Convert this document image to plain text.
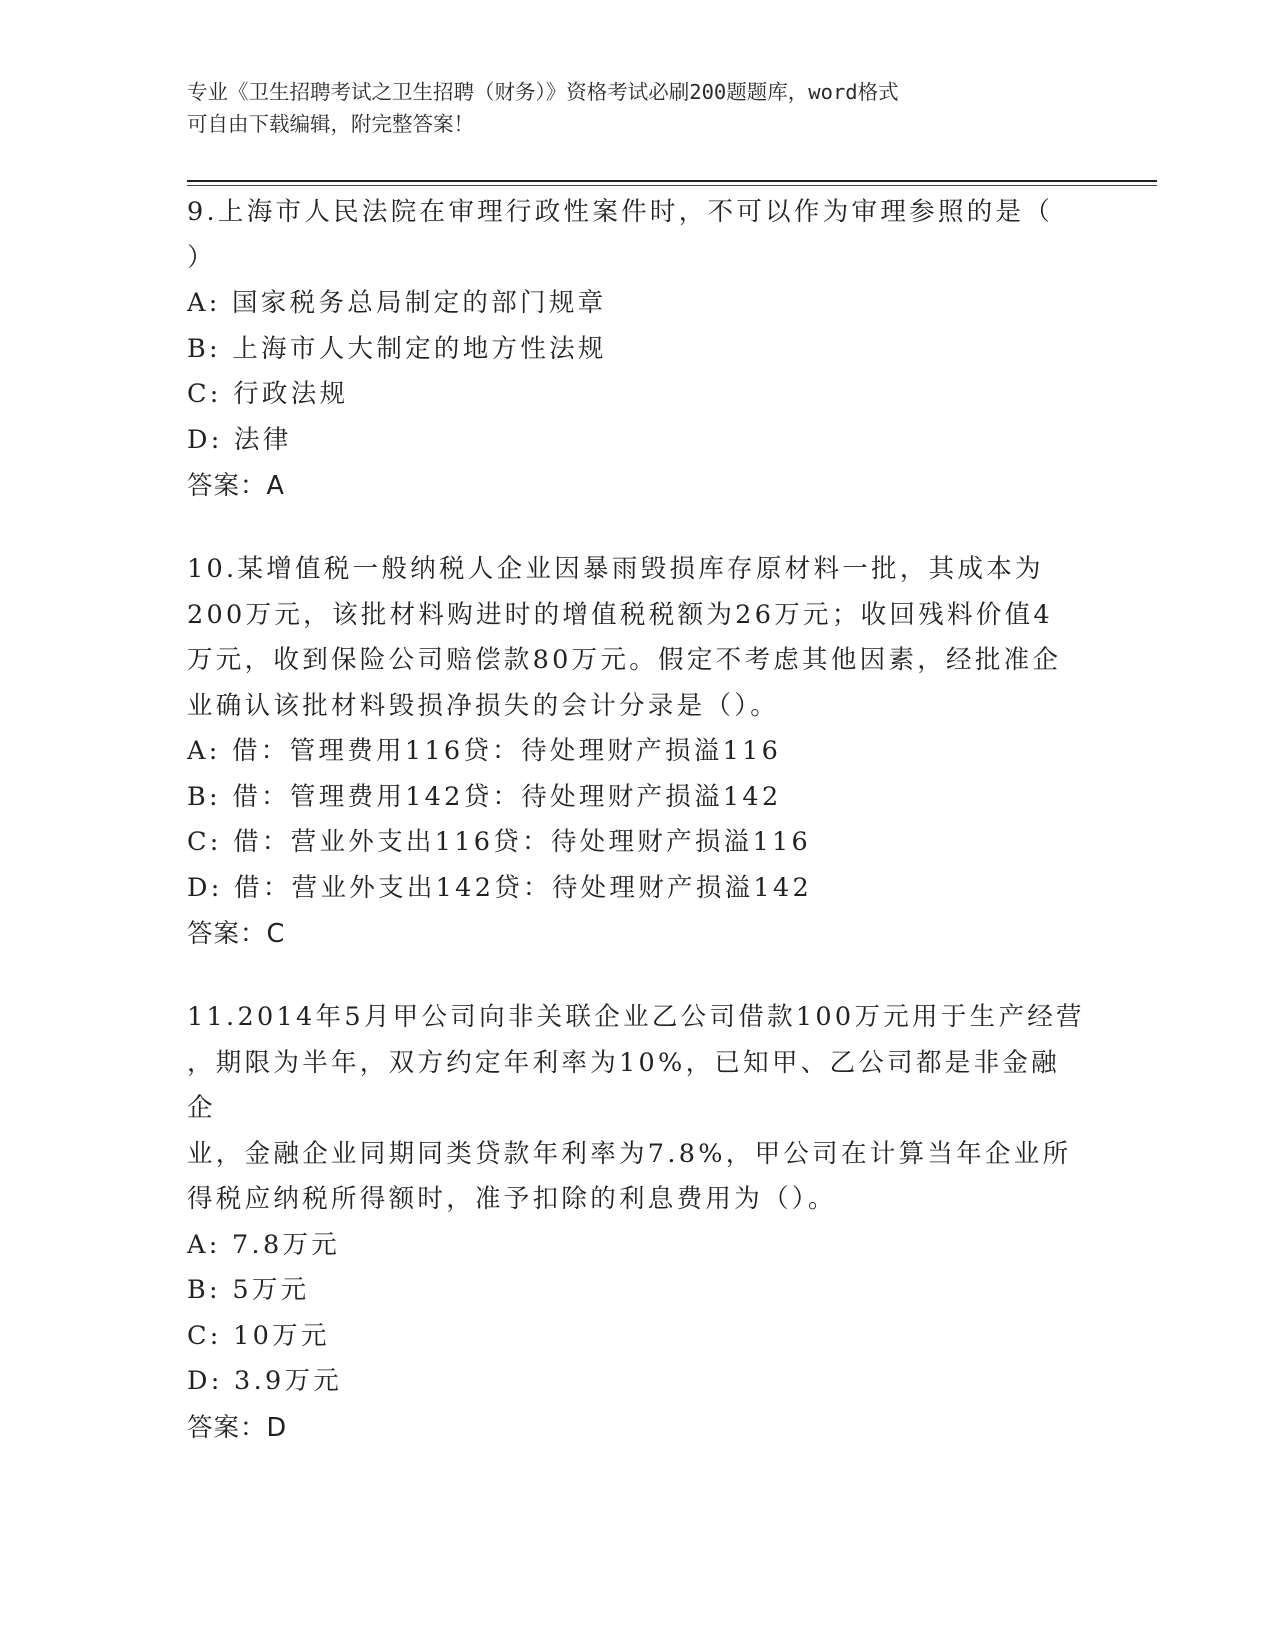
专业《卫生招聘考试之卫生招聘（财务）》资格考试必刷200题题库，word格式
可自由下载编辑，附完整答案！

9.上海市人民法院在审理行政性案件时，不可以作为审理参照的是（

）

A: 国家税务总局制定的部门规章

B: 上海市人大制定的地方性法规

C: 行政法规

D: 法律

答案：A

10.某增值税一般纳税人企业因暴雨毁损库存原材料一批，其成本为

200万元，该批材料购进时的增值税税额为26万元；收回残料价值4

万元，收到保险公司赔偿款80万元。假定不考虑其他因素，经批准企

业确认该批材料毁损净损失的会计分录是（）。

A: 借：管理费用116贷：待处理财产损溢116

B: 借：管理费用142贷：待处理财产损溢142

C: 借：营业外支出116贷：待处理财产损溢116

D: 借：营业外支出142贷：待处理财产损溢142

答案：C

11.2014年5月甲公司向非关联企业乙公司借款100万元用于生产经营

，期限为半年，双方约定年利率为10%，已知甲、乙公司都是非金融企

业，金融企业同期同类贷款年利率为7.8%，甲公司在计算当年企业所

得税应纳税所得额时，准予扣除的利息费用为（）。

A: 7.8万元

B: 5万元

C: 10万元

D: 3.9万元

答案：D
